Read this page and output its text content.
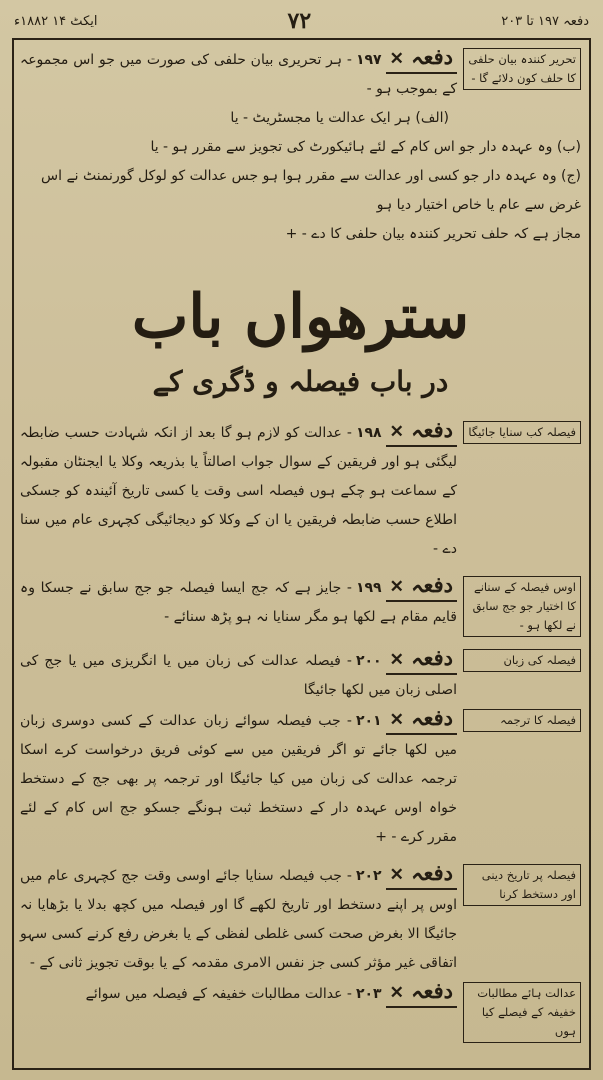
دفعہ ۱۹۷ تا ۲۰۳
۷۲
ایکٹ ۱۴ ۱۸۸۲ء
تحریر کنندہ بیان حلفی کا حلف کون دلائے گا -
دفعہ ✕۱۹۷- ہر تحریری بیان حلفی کی صورت میں جو اس مجموعہ کے بموجب ہو -
(الف) ہر ایک عدالت یا مجسٹریٹ - یا
(ب) وہ عہدہ دار جو اس کام کے لئے ہائیکورٹ کی تجویز سے مقرر ہو - یا
(ج) وہ عہدہ دار جو کسی اور عدالت سے مقرر ہوا ہو جس عدالت کو لوکل گورنمنٹ نے اس غرض سے عام یا خاص اختیار دیا ہو
مجاز ہے کہ حلف تحریر کنندہ بیان حلفی کا دے - +
سترھواں باب
در باب فیصلہ و ڈگری کے
فیصلہ کب سنایا جائیگا
دفعہ ✕۱۹۸- عدالت کو لازم ہو گا بعد از انکہ شہادت حسب ضابطہ لیگئی ہو اور فریقین کے سوال جواب اصالتاً یا بذریعہ وکلا یا ایجنٹان مقبولہ کے سماعت ہو چکے ہوں فیصلہ اسی وقت یا کسی تاریخ آئیندہ کو جسکی اطلاع حسب ضابطہ فریقین یا ان کے وکلا کو دیجائیگی کچہری عام میں سنا دے -
اوس فیصلہ کے سنانے کا اختیار جو جج سابق نے لکھا ہو -
دفعہ ✕۱۹۹- جایز ہے کہ جج ایسا فیصلہ جو جج سابق نے جسکا وہ قایم مقام ہے لکھا ہو مگر سنایا نہ ہو پڑھ سنائے -
فیصلہ کی زبان
دفعہ ✕۲۰۰- فیصلہ عدالت کی زبان میں یا انگریزی میں یا جج کی اصلی زبان میں لکھا جائیگا
فیصلہ کا ترجمہ
دفعہ ✕۲۰۱- جب فیصلہ سوائے زبان عدالت کے کسی دوسری زبان میں لکھا جائے تو اگر فریقین میں سے کوئی فریق درخواست کرے اسکا ترجمہ عدالت کی زبان میں کیا جائیگا اور ترجمہ پر بھی جج کے دستخط خواہ اوس عہدہ دار کے دستخط ثبت ہونگے جسکو جج اس کام کے لئے مقرر کرے - +
فیصلہ پر تاریخ دینی اور دستخط کرنا
دفعہ ✕۲۰۲- جب فیصلہ سنایا جائے اوسی وقت جج کچہری عام میں اوس پر اپنے دستخط اور تاریخ لکھے گا اور فیصلہ میں کچھ بدلا یا بڑھایا نہ جائیگا الا بغرض صحت کسی غلطی لفظی کے یا بغرض رفع کرنے کسی سہو اتفاقی غیر مؤثر کسی جز نفس الامری مقدمہ کے یا بوقت تجویز ثانی کے -
عدالت ہائے مطالبات خفیفہ کے فیصلے کیا ہوں
دفعہ ✕۲۰۳- عدالت مطالبات خفیفہ کے فیصلہ میں سوائے
